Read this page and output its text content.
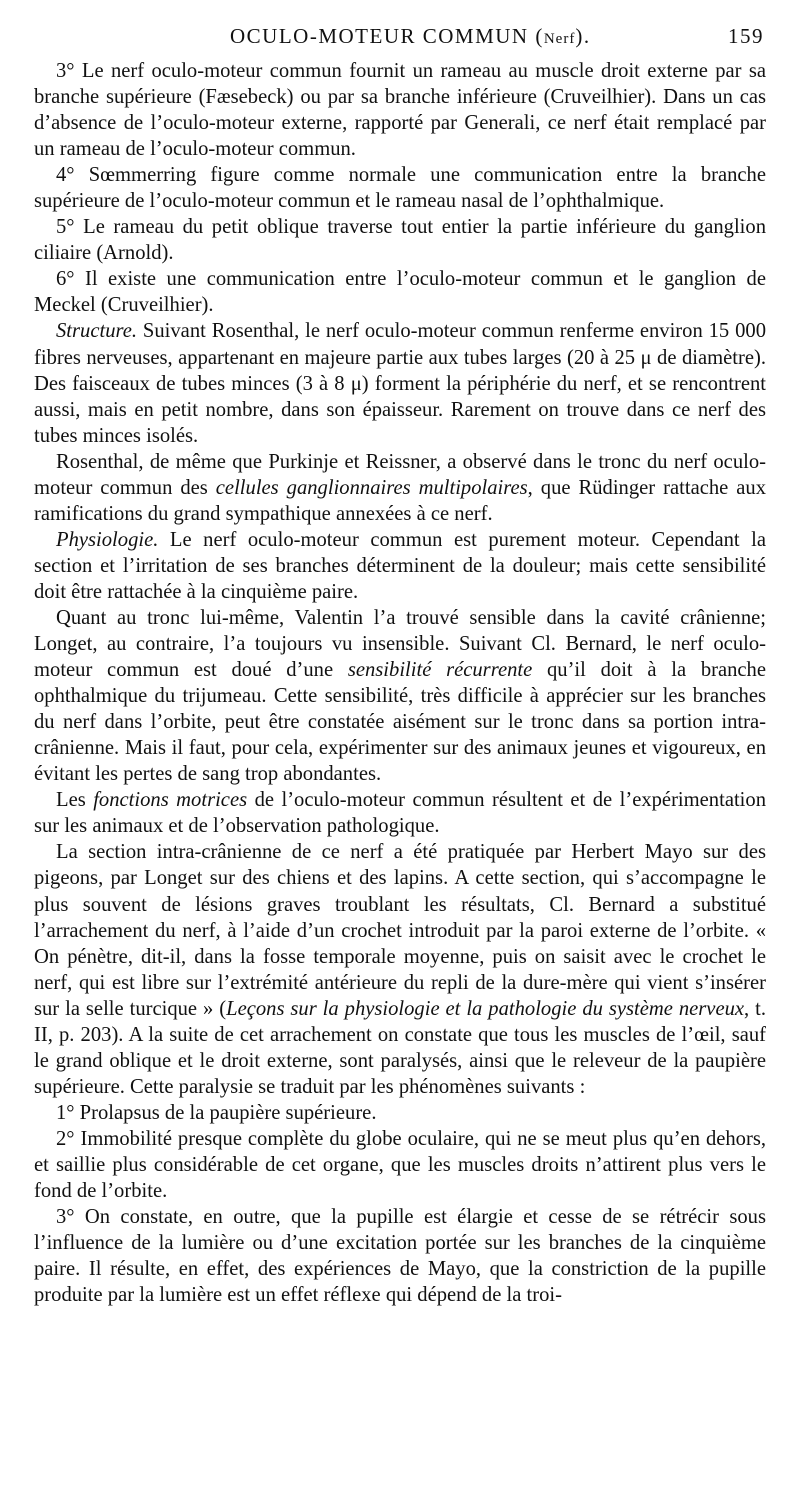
OCULO-MOTEUR COMMUN (Nerf).	159

3° Le nerf oculo-moteur commun fournit un rameau au muscle droit externe par sa branche supérieure (Fæsebeck) ou par sa branche inférieure (Cruveilhier). Dans un cas d’absence de l’oculo-moteur externe, rapporté par Generali, ce nerf était remplacé par un rameau de l’oculo-moteur commun.

4° Sœmmerring figure comme normale une communication entre la branche supérieure de l’oculo-moteur commun et le rameau nasal de l’ophthalmique.

5° Le rameau du petit oblique traverse tout entier la partie inférieure du ganglion ciliaire (Arnold).

6° Il existe une communication entre l’oculo-moteur commun et le ganglion de Meckel (Cruveilhier).

Structure. Suivant Rosenthal, le nerf oculo-moteur commun renferme environ 15 000 fibres nerveuses, appartenant en majeure partie aux tubes larges (20 à 25 μ de diamètre). Des faisceaux de tubes minces (3 à 8 μ) forment la périphérie du nerf, et se rencontrent aussi, mais en petit nombre, dans son épaisseur. Rarement on trouve dans ce nerf des tubes minces isolés.

Rosenthal, de même que Purkinje et Reissner, a observé dans le tronc du nerf oculo-moteur commun des cellules ganglionnaires multipolaires, que Rüdinger rattache aux ramifications du grand sympathique annexées à ce nerf.

Physiologie. Le nerf oculo-moteur commun est purement moteur. Cependant la section et l’irritation de ses branches déterminent de la douleur; mais cette sensibilité doit être rattachée à la cinquième paire.

Quant au tronc lui-même, Valentin l’a trouvé sensible dans la cavité crânienne; Longet, au contraire, l’a toujours vu insensible. Suivant Cl. Bernard, le nerf oculo-moteur commun est doué d’une sensibilité récurrente qu’il doit à la branche ophthalmique du trijumeau. Cette sensibilité, très difficile à apprécier sur les branches du nerf dans l’orbite, peut être constatée aisément sur le tronc dans sa portion intra-crânienne. Mais il faut, pour cela, expérimenter sur des animaux jeunes et vigoureux, en évitant les pertes de sang trop abondantes.

Les fonctions motrices de l’oculo-moteur commun résultent et de l’expérimentation sur les animaux et de l’observation pathologique.

La section intra-crânienne de ce nerf a été pratiquée par Herbert Mayo sur des pigeons, par Longet sur des chiens et des lapins. A cette section, qui s’accompagne le plus souvent de lésions graves troublant les résultats, Cl. Bernard a substitué l’arrachement du nerf, à l’aide d’un crochet introduit par la paroi externe de l’orbite. « On pénètre, dit-il, dans la fosse temporale moyenne, puis on saisit avec le crochet le nerf, qui est libre sur l’extrémité antérieure du repli de la dure-mère qui vient s’insérer sur la selle turcique » (Leçons sur la physiologie et la pathologie du système nerveux, t. II, p. 203). A la suite de cet arrachement on constate que tous les muscles de l’œil, sauf le grand oblique et le droit externe, sont paralysés, ainsi que le releveur de la paupière supérieure. Cette paralysie se traduit par les phénomènes suivants :

1° Prolapsus de la paupière supérieure.

2° Immobilité presque complète du globe oculaire, qui ne se meut plus qu’en dehors, et saillie plus considérable de cet organe, que les muscles droits n’attirent plus vers le fond de l’orbite.

3° On constate, en outre, que la pupille est élargie et cesse de se rétrécir sous l’influence de la lumière ou d’une excitation portée sur les branches de la cinquième paire. Il résulte, en effet, des expériences de Mayo, que la constriction de la pupille produite par la lumière est un effet réflexe qui dépend de la troi-
